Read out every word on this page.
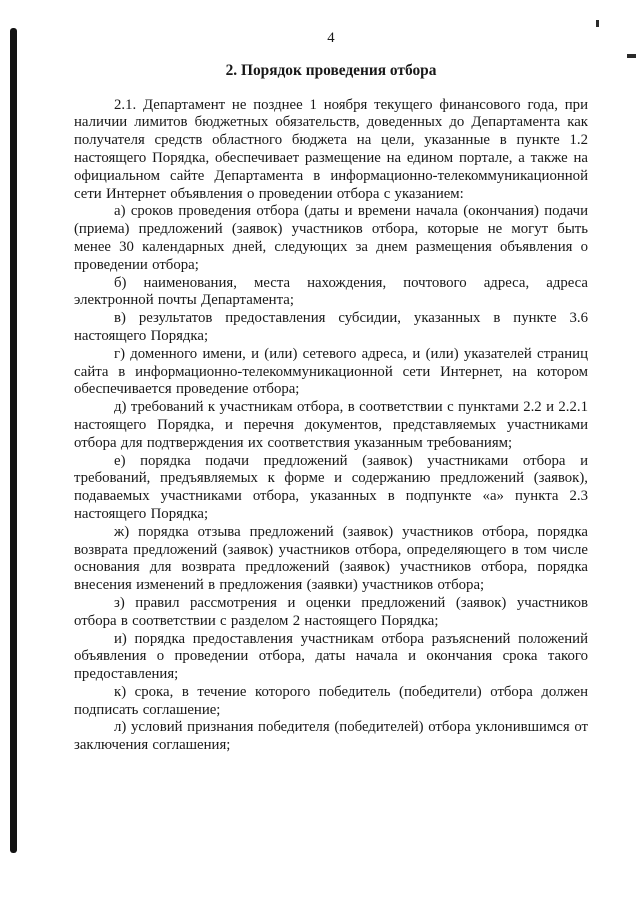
4
2. Порядок проведения отбора

2.1. Департамент не позднее 1 ноября текущего финансового года, при наличии лимитов бюджетных обязательств, доведенных до Департамента как получателя средств областного бюджета на цели, указанные в пункте 1.2 настоящего Порядка, обеспечивает размещение на едином портале, а также на официальном сайте Департамента в информационно-телекоммуникационной сети Интернет объявления о проведении отбора с указанием:

а) сроков проведения отбора (даты и времени начала (окончания) подачи (приема) предложений (заявок) участников отбора, которые не могут быть менее 30 календарных дней, следующих за днем размещения объявления о проведении отбора;

б) наименования, места нахождения, почтового адреса, адреса электронной почты Департамента;

в) результатов предоставления субсидии, указанных в пункте 3.6 настоящего Порядка;

г) доменного имени, и (или) сетевого адреса, и (или) указателей страниц сайта в информационно-телекоммуникационной сети Интернет, на котором обеспечивается проведение отбора;

д) требований к участникам отбора, в соответствии с пунктами 2.2 и 2.2.1 настоящего Порядка, и перечня документов, представляемых участниками отбора для подтверждения их соответствия указанным требованиям;

е) порядка подачи предложений (заявок) участниками отбора и требований, предъявляемых к форме и содержанию предложений (заявок), подаваемых участниками отбора, указанных в подпункте «а» пункта 2.3 настоящего Порядка;

ж) порядка отзыва предложений (заявок) участников отбора, порядка возврата предложений (заявок) участников отбора, определяющего в том числе основания для возврата предложений (заявок) участников отбора, порядка внесения изменений в предложения (заявки) участников отбора;

з) правил рассмотрения и оценки предложений (заявок) участников отбора в соответствии с разделом 2 настоящего Порядка;

и) порядка предоставления участникам отбора разъяснений положений объявления о проведении отбора, даты начала и окончания срока такого предоставления;

к) срока, в течение которого победитель (победители) отбора должен подписать соглашение;

л) условий признания победителя (победителей) отбора уклонившимся от заключения соглашения;
